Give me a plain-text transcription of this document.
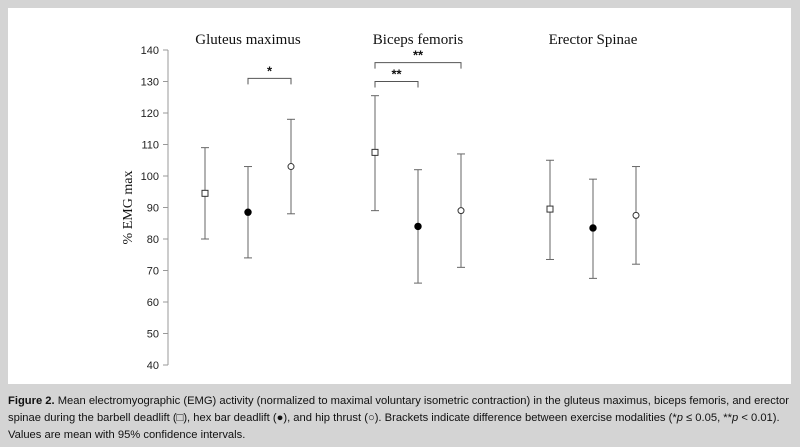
40
50
60
70
80
90
100
110
120
130
140
% EMG max
Gluteus maximus	Biceps femoris	Erector Spinae
*	**
**
Figure 2. Mean electromyographic (EMG) activity (normalized to maximal voluntary isometric contraction) in the gluteus maximus, biceps femoris, and erector spinae during the barbell deadlift (□), hex bar deadlift (●), and hip thrust (○). Brackets indicate difference between exercise modalities (*p ≤ 0.05, **p < 0.01). Values are mean with 95% confidence intervals.
